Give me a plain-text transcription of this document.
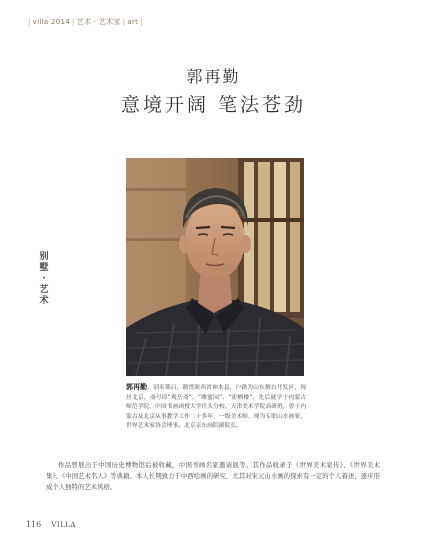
| villa 2014 | 艺术 · 艺术家 | art |
郭再勤
意境开阔 笔法苍劲
别
墅
·
艺
术
郭再勤，别名锁启，籍贯陕西省神木县，户籍为山东烟台开发区，现居北京，斋号印“观岳斋”、“潍蜜园”、“雀栖楼”，先后就学于内蒙古师范学院、中国书画函授大学任头分校、天津美术学院高研班，曾于内蒙古及北京从事教学工作二十多年，一级美术师，现为专职山水画家，世界艺术家协会理事、北京京东画院副院长。
作品曾展出于中国历史博物馆后被收藏，中国书画名家邀请展等。其作品收录于《世界美术家传》、《世界美术集》、《中国艺术名人》等典籍。本人长期致力于中西绘画的研究，尤其对宋元山水画的探索有一定的个人着述，逐步形成个人独特的艺术风格。
116 VILLA
